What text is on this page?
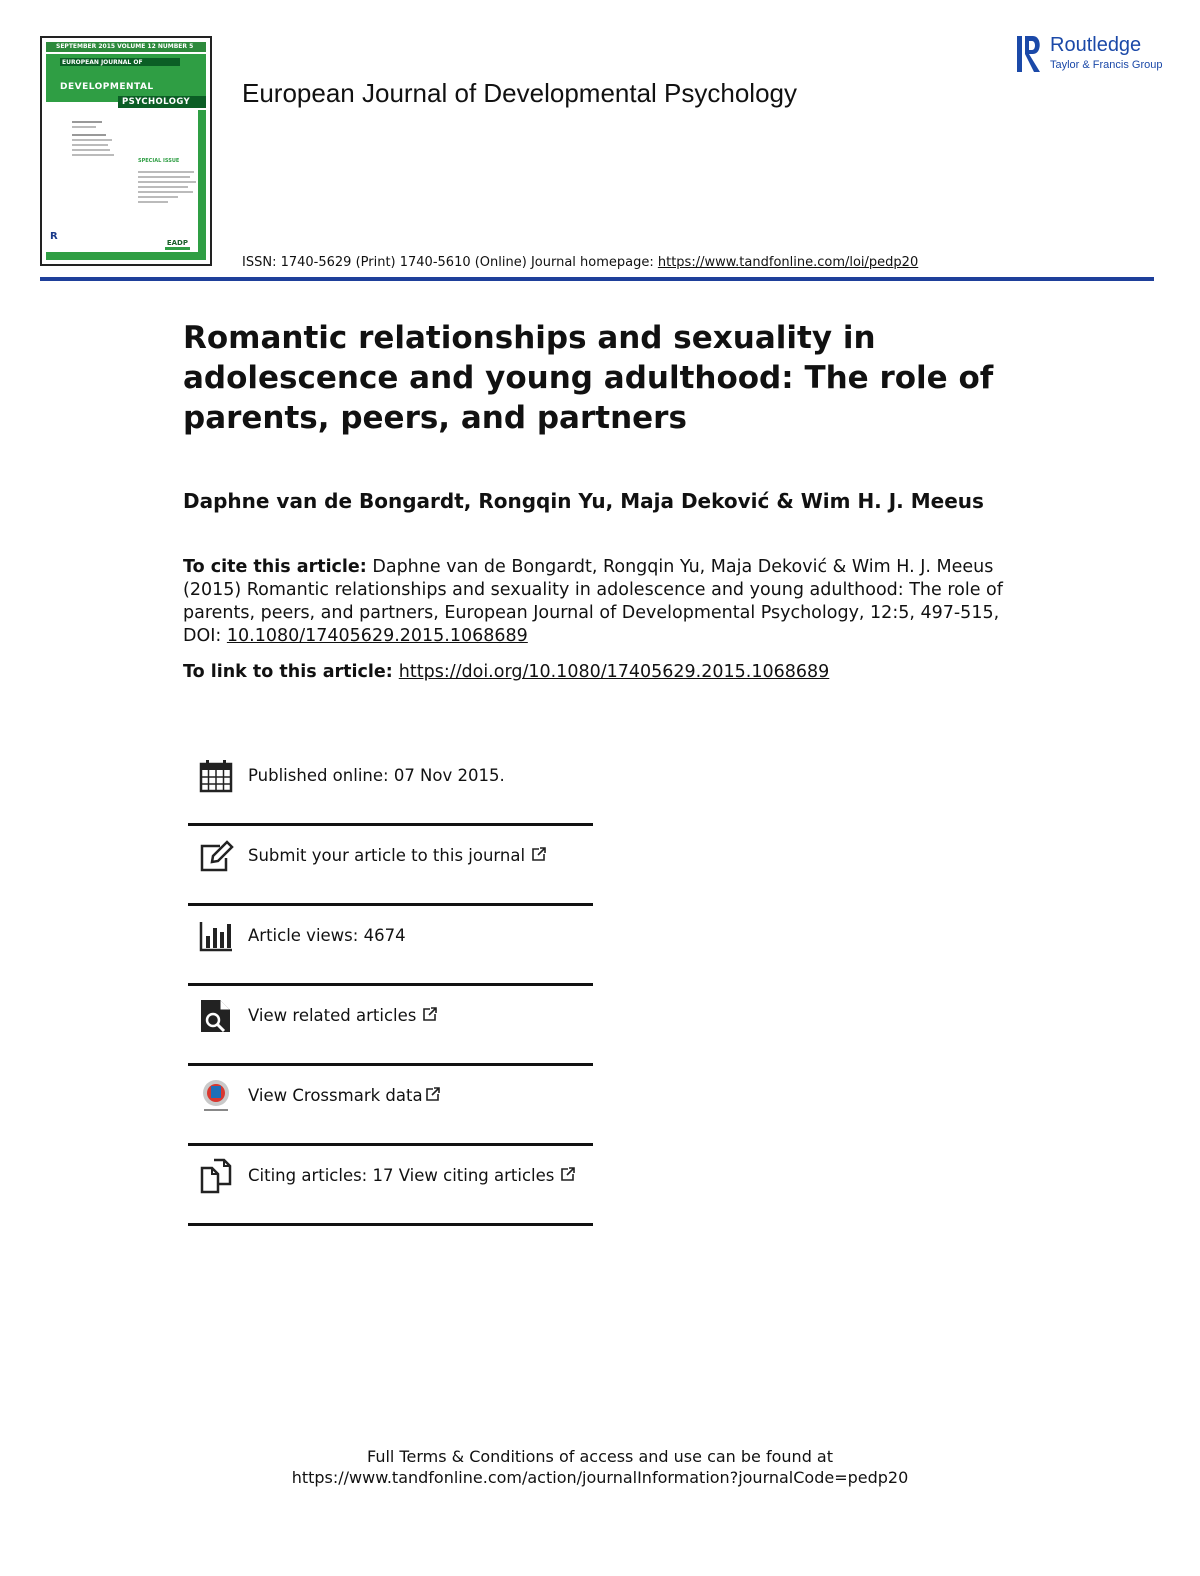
SEPTEMBER 2015 VOLUME 12 NUMBER 5
EUROPEAN JOURNAL OF
DEVELOPMENTAL
PSYCHOLOGY
SPECIAL ISSUE
R
EADP
European Journal of Developmental Psychology
ISSN: 1740-5629 (Print) 1740-5610 (Online) Journal homepage: https://www.tandfonline.com/loi/pedp20
Routledge
Taylor & Francis Group
Romantic relationships and sexuality in adolescence and young adulthood: The role of parents, peers, and partners
Daphne van de Bongardt, Rongqin Yu, Maja Deković & Wim H. J. Meeus
To cite this article: Daphne van de Bongardt, Rongqin Yu, Maja Deković & Wim H. J. Meeus (2015) Romantic relationships and sexuality in adolescence and young adulthood: The role of parents, peers, and partners, European Journal of Developmental Psychology, 12:5, 497-515, DOI: 10.1080/17405629.2015.1068689
To link to this article: https://doi.org/10.1080/17405629.2015.1068689
Published online: 07 Nov 2015.
Submit your article to this journal
Article views: 4674
View related articles
View Crossmark data
Citing articles: 17 View citing articles
Full Terms & Conditions of access and use can be found at
https://www.tandfonline.com/action/journalInformation?journalCode=pedp20
